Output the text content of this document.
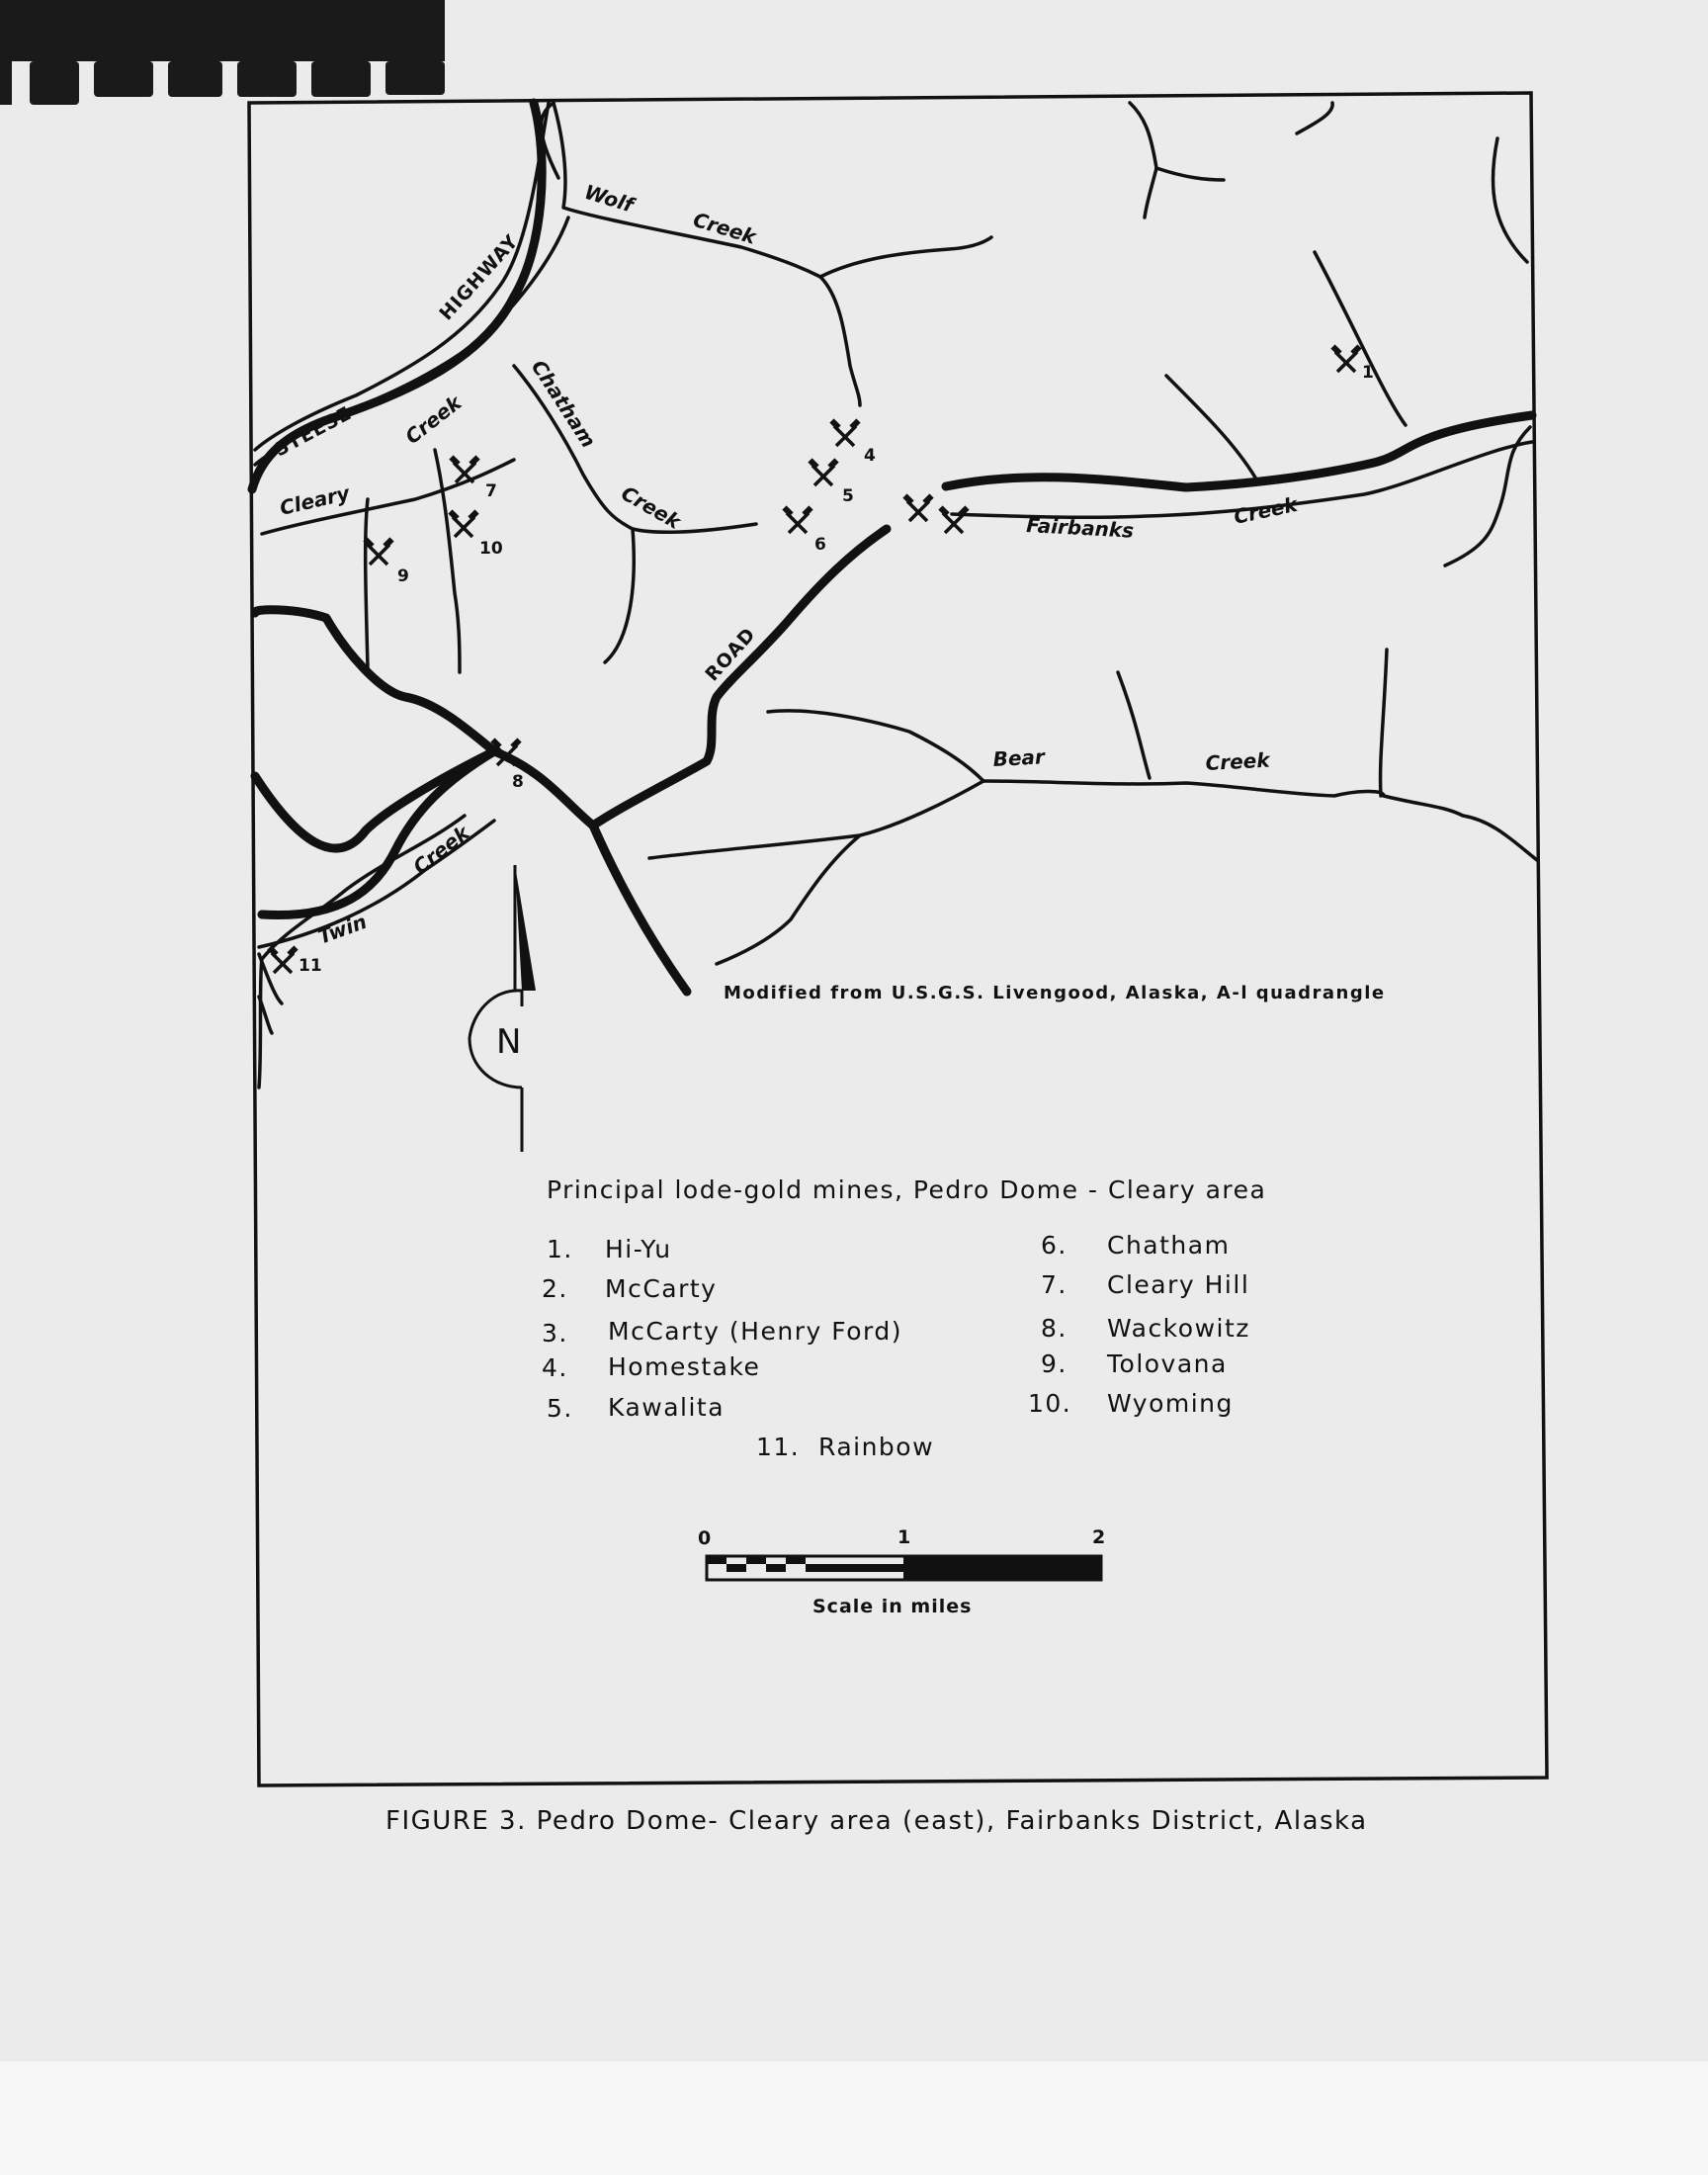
Wolf
Creek
HIGHWAY
STEESE Creek
Cleary
Chatham
Creek	Fairbanks	Creek
ROAD
Bear	Creek
Creek
Twin
1
4
5
6
7
10
9
8
11
N
Modified from U.S.G.S. Livengood, Alaska, A-l quadrangle
Principal lode-gold mines, Pedro Dome - Cleary area
1. Hi-Yu
2. McCarty
3. McCarty (Henry Ford)
4. Homestake
5. Kawalita
6. Chatham
7. Cleary Hill
8. Wackowitz
9. Tolovana
10. Wyoming
11. Rainbow
0	1	2
Scale in miles
FIGURE 3. Pedro Dome- Cleary area (east), Fairbanks District, Alaska
